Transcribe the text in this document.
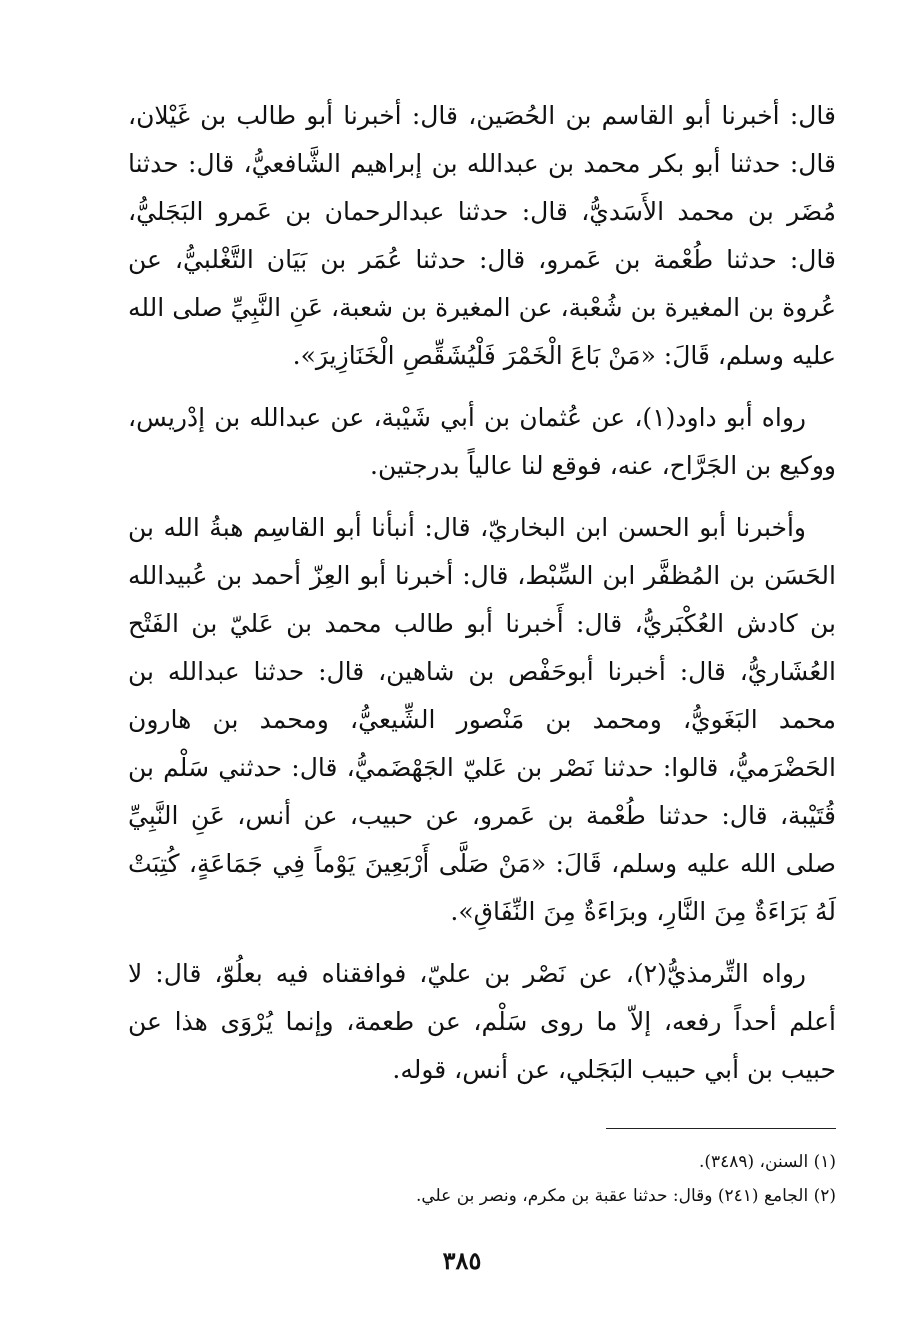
قال: أخبرنا أبو القاسم بن الحُصَين، قال: أخبرنا أبو طالب بن غَيْلان، قال: حدثنا أبو بكر محمد بن عبدالله بن إبراهيم الشَّافعيُّ، قال: حدثنا مُضَر بن محمد الأَسَديُّ، قال: حدثنا عبدالرحمان بن عَمرو البَجَليُّ، قال: حدثنا طُعْمة بن عَمرو، قال: حدثنا عُمَر بن بَيَان التَّغْلبيُّ، عن عُروة بن المغيرة بن شُعْبة، عن المغيرة بن شعبة، عَنِ النَّبِيِّ صلى الله عليه وسلم، قَالَ: «مَنْ بَاعَ الْخَمْرَ فَلْيُشَقِّصِ الْخَنَازِيرَ».

رواه أبو داود(١)، عن عُثمان بن أبي شَيْبة، عن عبدالله بن إدْريس، ووكيع بن الجَرَّاح، عنه، فوقع لنا عالياً بدرجتين.

وأخبرنا أبو الحسن ابن البخاريّ، قال: أنبأنا أبو القاسِم هبةُ الله بن الحَسَن بن المُظفَّر ابن السِّبْط، قال: أخبرنا أبو العِزّ أحمد بن عُبيدالله بن كادش العُكْبَريُّ، قال: أَخبرنا أبو طالب محمد بن عَليّ بن الفَتْح العُشَاريُّ، قال: أخبرنا أبوحَفْص بن شاهين، قال: حدثنا عبدالله بن محمد البَغَويُّ، ومحمد بن مَنْصور الشِّيعيُّ، ومحمد بن هارون الحَضْرَميُّ، قالوا: حدثنا نَصْر بن عَليّ الجَهْضَميُّ، قال: حدثني سَلْم بن قُتَيْبة، قال: حدثنا طُعْمة بن عَمرو، عن حبيب، عن أنس، عَنِ النَّبِيِّ صلى الله عليه وسلم، قَالَ: «مَنْ صَلَّى أَرْبَعِينَ يَوْماً فِي جَمَاعَةٍ، كُتِبَتْ لَهُ بَرَاءَةٌ مِنَ النَّارِ، وبرَاءَةٌ مِنَ النِّفَاقِ».

رواه التِّرمذيُّ(٢)، عن نَصْر بن عليّ، فوافقناه فيه بعلُوّ، قال: لا أعلم أحداً رفعه، إلاّ ما روى سَلْم، عن طعمة، وإنما يُرْوَى هذا عن حبيب بن أبي حبيب البَجَلي، عن أنس، قوله.

(١) السنن، (٣٤٨٩).

(٢) الجامع (٢٤١) وقال: حدثنا عقبة بن مكرم، ونصر بن علي.

٣٨٥
